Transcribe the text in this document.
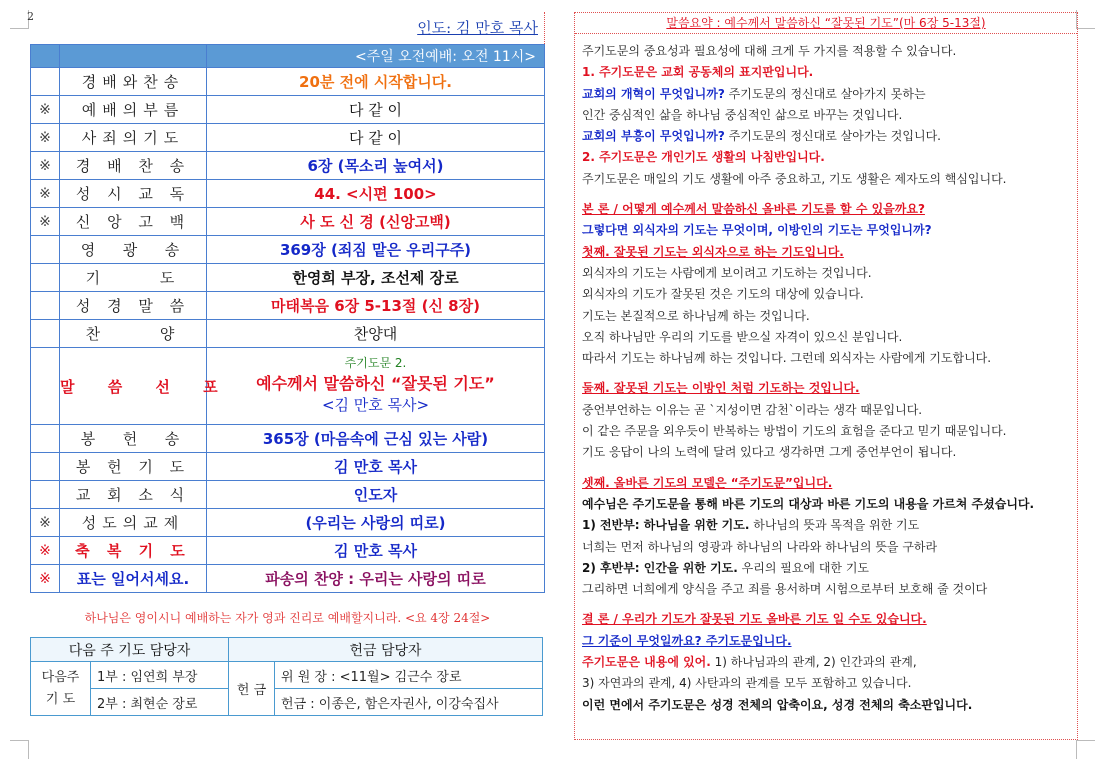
2
인도: 김 만호 목사
		<주일 오전예배: 오전 11시>
	경배와찬송	20분 전에 시작합니다.
※	예배의부름	다 같 이
※	사죄의기도	다 같 이
※	경 배 찬 송	6장 (목소리 높여서)
※	성 시 교 독	44. <시편 100>
※	신 앙 고 백	사 도 신 경 (신앙고백)
	영  광  송	369장 (죄짐 맡은 우리구주)
	기     도	한영희 부장, 조선제 장로
	성 경 말 씀	마태복음 6장 5-13절 (신 8장)
	찬     양	찬양대
	말 씀 선 포	주기도문 2.
예수께서 말씀하신 “잘못된 기도”
<김 만호 목사>

	봉  헌  송	365장 (마음속에 근심 있는 사람)
	봉 헌 기 도	김 만호 목사
	교 회 소 식	인도자
※	성도의교제	(우리는 사랑의 띠로)
※	축 복 기 도	김 만호 목사
※	표는 일어서세요.	파송의 찬양 : 우리는 사랑의 띠로
하나님은 영이시니 예배하는 자가 영과 진리로 예배할지니라. <요 4장 24절>
다음 주 기도 담당자		헌금 담당자	

다음주
기 도	1부 : 임연희 부장	헌 금	위 원 장 : <11월> 김근수 장로
	2부 : 최현순 장로		헌금 : 이종은, 함은자권사, 이강숙집사
말씀요약 : 예수께서 말씀하신 “잘못된 기도”(마 6장 5-13절)
주기도문의 중요성과 필요성에 대해 크게 두 가지를 적용할 수 있습니다.
1. 주기도문은 교회 공동체의 표지판입니다.
교회의 개혁이 무엇입니까? 주기도문의 정신대로 살아가지 못하는
인간 중심적인 삶을 하나님 중심적인 삶으로 바꾸는 것입니다.
교회의 부흥이 무엇입니까? 주기도문의 정신대로 살아가는 것입니다.
2. 주기도문은 개인기도 생활의 나침반입니다.
주기도문은 매일의 기도 생활에 아주 중요하고, 기도 생활은 제자도의 핵심입니다.
본 론 / 어떻게 예수께서 말씀하신 올바른 기도를 할 수 있을까요?
그렇다면 외식자의 기도는 무엇이며, 이방인의 기도는 무엇입니까?
첫째. 잘못된 기도는 외식자으로 하는 기도입니다.
외식자의 기도는 사람에게 보이려고 기도하는 것입니다.
외식자의 기도가 잘못된 것은 기도의 대상에 있습니다.
기도는 본질적으로 하나님께 하는 것입니다.
오직 하나님만 우리의 기도를 받으실 자격이 있으신 분입니다.
따라서 기도는 하나님께 하는 것입니다. 그런데 외식자는 사람에게 기도합니다.
둘째. 잘못된 기도는 이방인 처럼 기도하는 것입니다.
중언부언하는 이유는 곧 `지성이면 감천`이라는 생각 때문입니다.
이 같은 주문을 외우듯이 반복하는 방법이 기도의 효험을 준다고 믿기 때문입니다.
기도 응답이 나의 노력에 달려 있다고 생각하면 그게 중언부언이 됩니다.
셋째. 올바른 기도의 모델은 “주기도문”입니다.
예수님은 주기도문을 통해 바른 기도의 대상과 바른 기도의 내용을 가르쳐 주셨습니다.
1) 전반부: 하나님을 위한 기도. 하나님의 뜻과 목적을 위한 기도
너희는 먼저 하나님의 영광과 하나님의 나라와 하나님의 뜻을 구하라
2) 후반부: 인간을 위한 기도. 우리의 필요에 대한 기도
그리하면 너희에게 양식을 주고 죄를 용서하며 시험으로부터 보호해 줄 것이다
결 론 / 우리가 기도가 잘못된 기도 올바른 기도 일 수도 있습니다.
그 기준이 무엇일까요? 주기도문입니다.
주기도문은 내용에 있어. 1) 하나님과의 관계, 2) 인간과의 관계,
3) 자연과의 관계, 4) 사탄과의 관계를 모두 포함하고 있습니다.
이런 면에서 주기도문은 성경 전체의 압축이요, 성경 전체의 축소판입니다.
